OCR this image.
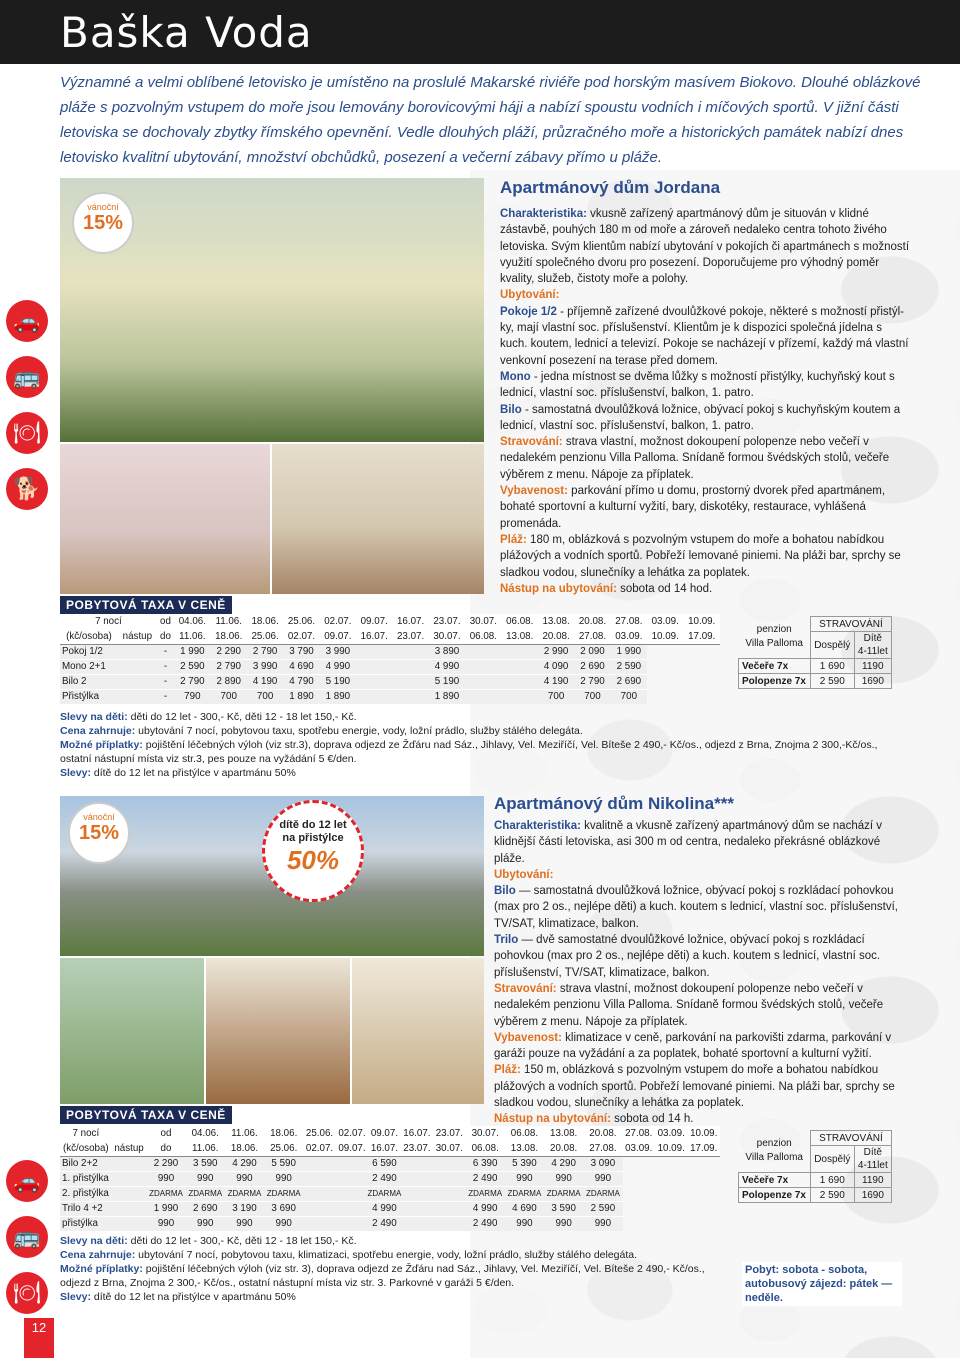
Baška Voda

Významné a velmi oblíbené letovisko je umístěno na proslulé Makarské riviéře pod horským masívem Biokovo. Dlouhé oblázkové pláže s pozvolným vstupem do moře jsou lemovány borovicovými háji a nabízí spoustu vodních i míčových sportů. V jižní části letoviska se dochovaly zbytky římského opevnění. Vedle dlouhých pláží, průzračného moře a historických památek nabízí dnes letovisko kvalitní ubytování, množství obchůdků, posezení a večerní zábavy přímo u pláže.

🚗
🚌
🍽
🐕
🚗
🚌
🍽
vánoční
15%
Apartmánový dům Jordana
Charakteristika: vkusně zařízený apartmánový dům je situován v klidné zástavbě, pouhých 180 m od moře a zároveň nedaleko centra tohoto živého letoviska. Svým klientům nabízí ubytování v pokojích či apartmánech s možností využití společného dvoru pro posezení. Doporučujeme pro výhodný poměr kvality, služeb, čistoty moře a polohy.
Ubytování:
Pokoje 1/2 - příjemně zařízené dvoulůžkové pokoje, některé s možností přistýlky, mají vlastní soc. příslušenství. Klientům je k dispozici společná jídelna s kuch. koutem, lednicí a televizí. Pokoje se nacházejí v přízemí, každý má vlastní venkovní posezení na terase před domem.
Mono - jedna místnost se dvěma lůžky s možností přistýlky, kuchyňský kout s lednicí, vlastní soc. příslušenství, balkon, 1. patro.
Bilo - samostatná dvoulůžková ložnice, obývací pokoj s kuchyňským koutem a lednicí, vlastní soc. příslušenství, balkon, 1. patro.
Stravování: strava vlastní, možnost dokoupení polopenze nebo večeří v nedalekém penzionu Villa Palloma. Snídaně formou švédských stolů, večeře výběrem z menu. Nápoje za příplatek.
Vybavenost: parkování přímo u domu, prostorný dvorek před apartmánem, bohaté sportovní a kulturní vyžití, bary, diskotéky, restaurace, vyhlášená promenáda.
Pláž: 180 m, oblázková s pozvolným vstupem do moře a bohatou nabídkou plážových a vodních sportů. Pobřeží lemované piniemi. Na pláži bar, sprchy se sladkou vodou, slunečníky a lehátka za poplatek.
Nástup na ubytování: sobota od 14 hod.
POBYTOVÁ TAXA V CENĚ
7 nocí		od	04.06.	11.06.	18.06.	25.06.	02.07.	09.07.	16.07.	23.07.	30.07.	06.08.	13.08.	20.08.	27.08.	03.09.	10.09.
(kč/osoba)	nástup	do	11.06.	18.06.	25.06.	02.07.	09.07.	16.07.	23.07.	30.07.	06.08.	13.08.	20.08.	27.08.	03.09.	10.09.	17.09.
Pokoj 1/2		-	1 990	2 290	2 790	3 790	3 990	3 890					2 990	2 090	1 990		
Mono 2+1		-	2 590	2 790	3 990	4 690	4 990	4 990					4 090	2 690	2 590		
Bilo 2		-	2 790	2 890	4 190	4 790	5 190	5 190					4 190	2 790	2 690		
Přistýlka		-	790	700	700	1 890	1 890	1 890					700	700	700		
penzion
Villa Palloma	STRAVOVÁNÍ	
	Dospělý	Dítě
4-11let
Večeře 7x	1 690	1190
Polopenze 7x	2 590	1690
Slevy na děti: děti do 12 let - 300,- Kč, děti 12 - 18 let 150,- Kč.
Cena zahrnuje: ubytování 7 nocí, pobytovou taxu, spotřebu energie, vody, ložní prádlo, služby stálého delegáta.
Možné příplatky: pojištění léčebných výloh (viz str.3), doprava odjezd ze Žďáru nad Sáz., Jihlavy, Vel. Meziříčí, Vel. Bíteše 2 490,- Kč/os., odjezd z Brna, Znojma 2 300,-Kč/os., ostatní nástupní místa viz str.3, pes pouze na vyžádání 5 €/den.
Slevy: dítě do 12 let na přistýlce v apartmánu 50%
vánoční
15%	dítě do 12 let
na přistýlce
50%
Apartmánový dům Nikolina***
Charakteristika: kvalitně a vkusně zařízený apartmánový dům se nachází v klidnější části letoviska, asi 300 m od centra, nedaleko překrásné oblázkové pláže.
Ubytování:
Bilo — samostatná dvoulůžková ložnice, obývací pokoj s rozkládací pohovkou (max pro 2 os., nejlépe děti) a kuch. koutem s lednicí, vlastní soc. příslušenství, TV/SAT, klimatizace, balkon.
Trilo — dvě samostatné dvoulůžkové ložnice, obývací pokoj s rozkládací pohovkou (max pro 2 os., nejlépe děti) a kuch. koutem s lednicí, vlastní soc. příslušenství, TV/SAT, klimatizace, balkon.
Stravování: strava vlastní, možnost dokoupení polopenze nebo večeří v nedalekém penzionu Villa Palloma. Snídaně formou švédských stolů, večeře výběrem z menu. Nápoje za příplatek.
Vybavenost: klimatizace v ceně, parkování na parkovišti zdarma, parkování v garáži pouze na vyžádání a za poplatek, bohaté sportovní a kulturní vyžití.
Pláž: 150 m, oblázková s pozvolným vstupem do moře a bohatou nabídkou plážových a vodních sportů. Pobřeží lemované piniemi. Na pláži bar, sprchy se sladkou vodou, slunečníky a lehátka za poplatek.
Nástup na ubytování: sobota od 14 h.
POBYTOVÁ TAXA V CENĚ
7 nocí		od	04.06.	11.06.	18.06.	25.06.	02.07.	09.07.	16.07.	23.07.	30.07.	06.08.	13.08.	20.08.	27.08.	03.09.	10.09.
(kč/osoba)	nástup	do	11.06.	18.06.	25.06.	02.07.	09.07.	16.07.	23.07.	30.07.	06.08.	13.08.	20.08.	27.08.	03.09.	10.09.	17.09.
Bilo 2+2		2 290	3 590	4 290	5 590	6 590					6 390	5 390	4 290	3 090			
1. přistýlka		990	990	990	990	2 490					2 490	990	990	990			
2. přistýlka		ZDARMA	ZDARMA	ZDARMA	ZDARMA	ZDARMA					ZDARMA	ZDARMA	ZDARMA	ZDARMA			
Trilo 4 +2		1 990	2 690	3 190	3 690	4 990					4 990	4 690	3 590	2 590			
přistýlka		990	990	990	990	2 490					2 490	990	990	990			
penzion
Villa Palloma	STRAVOVÁNÍ	
	Dospělý	Dítě
4-11let
Večeře 7x	1 690	1190
Polopenze 7x	2 590	1690
Slevy na děti: děti do 12 let - 300,- Kč, děti 12 - 18 let 150,- Kč.
Cena zahrnuje: ubytování 7 nocí, pobytovou taxu, klimatizaci, spotřebu energie, vody, ložní prádlo, služby stálého delegáta.
Možné příplatky: pojištění léčebných výloh (viz str. 3), doprava odjezd ze Žďáru nad Sáz., Jihlavy, Vel. Meziříčí, Vel. Bíteše 2 490,- Kč/os., odjezd z Brna, Znojma 2 300,- Kč/os., ostatní nástupní místa viz str. 3. Parkovné v garáži 5 €/den.
Slevy: dítě do 12 let na přistýlce v apartmánu 50%
Pobyt: sobota - sobota,
autobusový zájezd: pátek — neděle.
12
